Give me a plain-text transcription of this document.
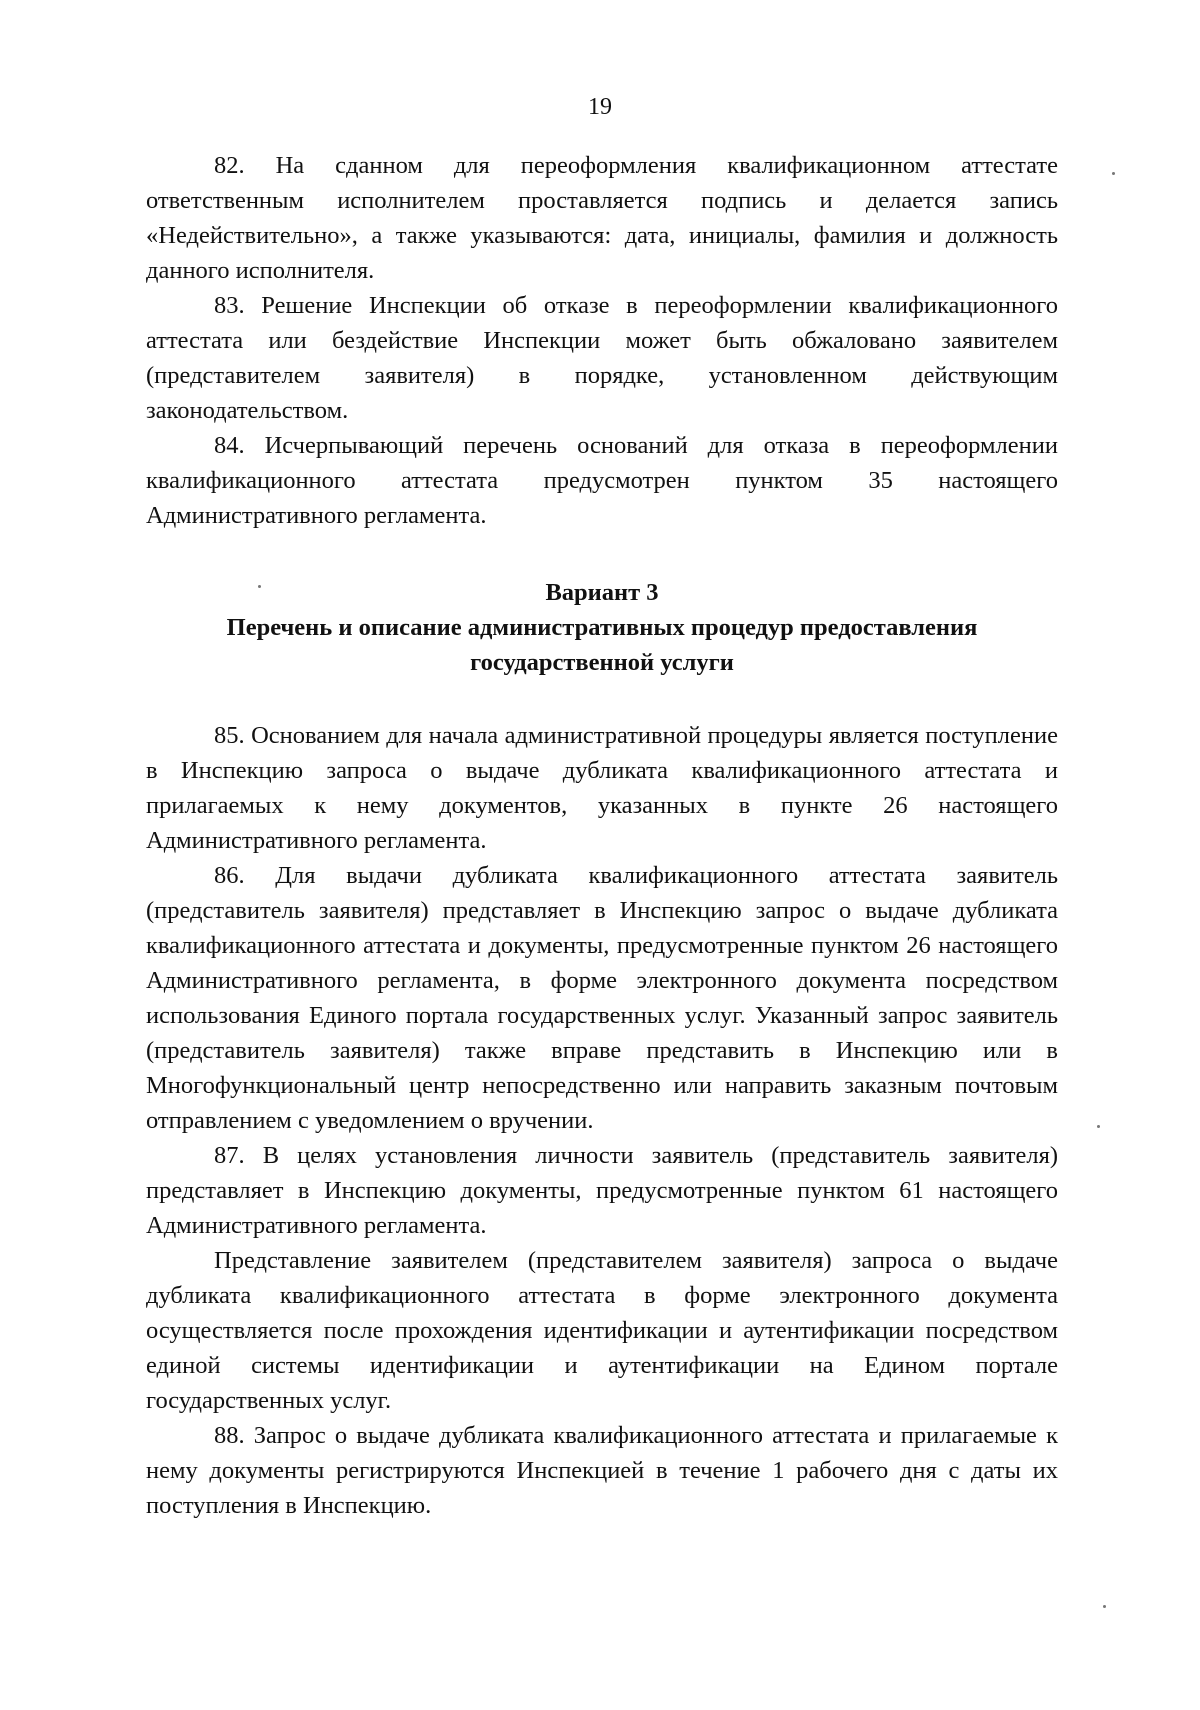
19

82. На сданном для переоформления квалификационном аттестате ответственным исполнителем проставляется подпись и делается запись «Недействительно», а также указываются: дата, инициалы, фамилия и должность данного исполнителя.

83. Решение Инспекции об отказе в переоформлении квалификационного аттестата или бездействие Инспекции может быть обжаловано заявителем (представителем заявителя) в порядке, установленном действующим законодательством.

84. Исчерпывающий перечень оснований для отказа в переоформлении квалификационного аттестата предусмотрен пунктом 35 настоящего Административного регламента.

Вариант 3

Перечень и описание административных процедур предоставления государственной услуги

85. Основанием для начала административной процедуры является поступление в Инспекцию запроса о выдаче дубликата квалификационного аттестата и прилагаемых к нему документов, указанных в пункте 26 настоящего Административного регламента.

86. Для выдачи дубликата квалификационного аттестата заявитель (представитель заявителя) представляет в Инспекцию запрос о выдаче дубликата квалификационного аттестата и документы, предусмотренные пунктом 26 настоящего Административного регламента, в форме электронного документа посредством использования Единого портала государственных услуг. Указанный запрос заявитель (представитель заявителя) также вправе представить в Инспекцию или в Многофункциональный центр непосредственно или направить заказным почтовым отправлением с уведомлением о вручении.

87. В целях установления личности заявитель (представитель заявителя) представляет в Инспекцию документы, предусмотренные пунктом 61 настоящего Административного регламента.

Представление заявителем (представителем заявителя) запроса о выдаче дубликата квалификационного аттестата в форме электронного документа осуществляется после прохождения идентификации и аутентификации посредством единой системы идентификации и аутентификации на Едином портале государственных услуг.

88. Запрос о выдаче дубликата квалификационного аттестата и прилагаемые к нему документы регистрируются Инспекцией в течение 1 рабочего дня с даты их поступления в Инспекцию.
